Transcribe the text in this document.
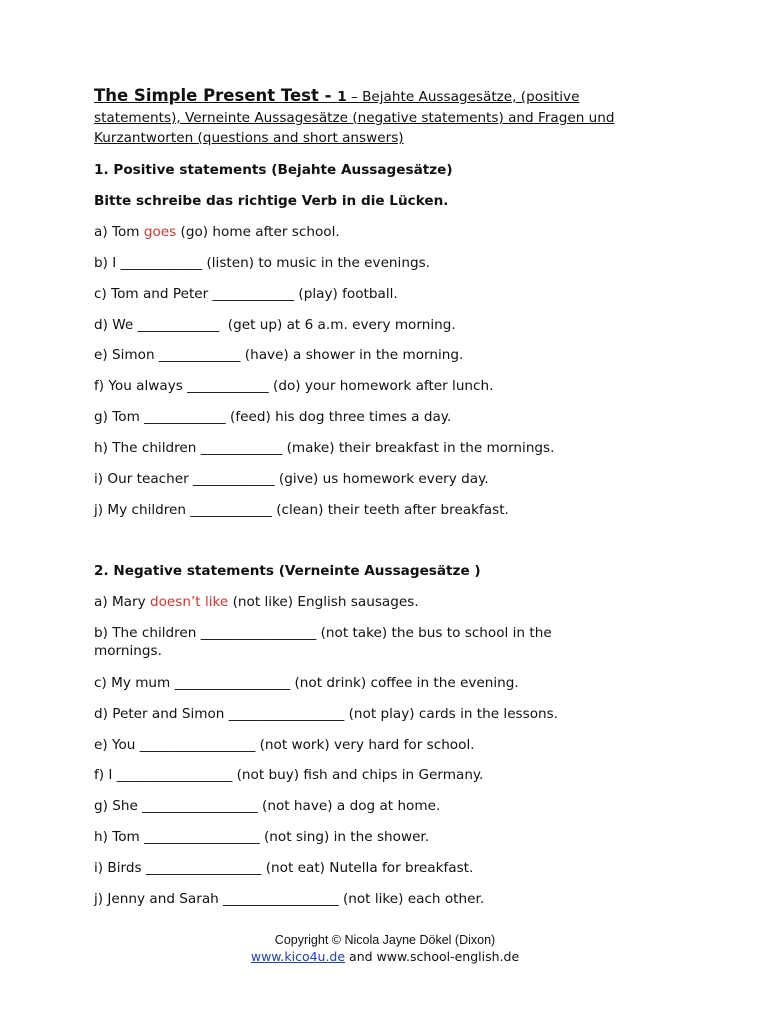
The Simple Present Test - 1 – Bejahte Aussagesätze, (positive
statements), Verneinte Aussagesätze (negative statements) and Fragen und
Kurzantworten (questions and short answers)
1. Positive statements (Bejahte Aussagesätze)
Bitte schreibe das richtige Verb in die Lücken.
a) Tom goes (go) home after school.
b) I ____________ (listen) to music in the evenings.
c) Tom and Peter ____________ (play) football.
d) We ____________  (get up) at 6 a.m. every morning.
e) Simon ____________ (have) a shower in the morning.
f) You always ____________ (do) your homework after lunch.
g) Tom ____________ (feed) his dog three times a day.
h) The children ____________ (make) their breakfast in the mornings.
i) Our teacher ____________ (give) us homework every day.
j) My children ____________ (clean) their teeth after breakfast.
2. Negative statements (Verneinte Aussagesätze )
a) Mary doesn’t like (not like) English sausages.
b) The children _________________ (not take) the bus to school in the
mornings.
c) My mum _________________ (not drink) coffee in the evening.
d) Peter and Simon _________________ (not play) cards in the lessons.
e) You _________________ (not work) very hard for school.
f) I _________________ (not buy) fish and chips in Germany.
g) She _________________ (not have) a dog at home.
h) Tom _________________ (not sing) in the shower.
i) Birds _________________ (not eat) Nutella for breakfast.
j) Jenny and Sarah _________________ (not like) each other.
Copyright © Nicola Jayne Dökel (Dixon)
www.kico4u.de and www.school-english.de
